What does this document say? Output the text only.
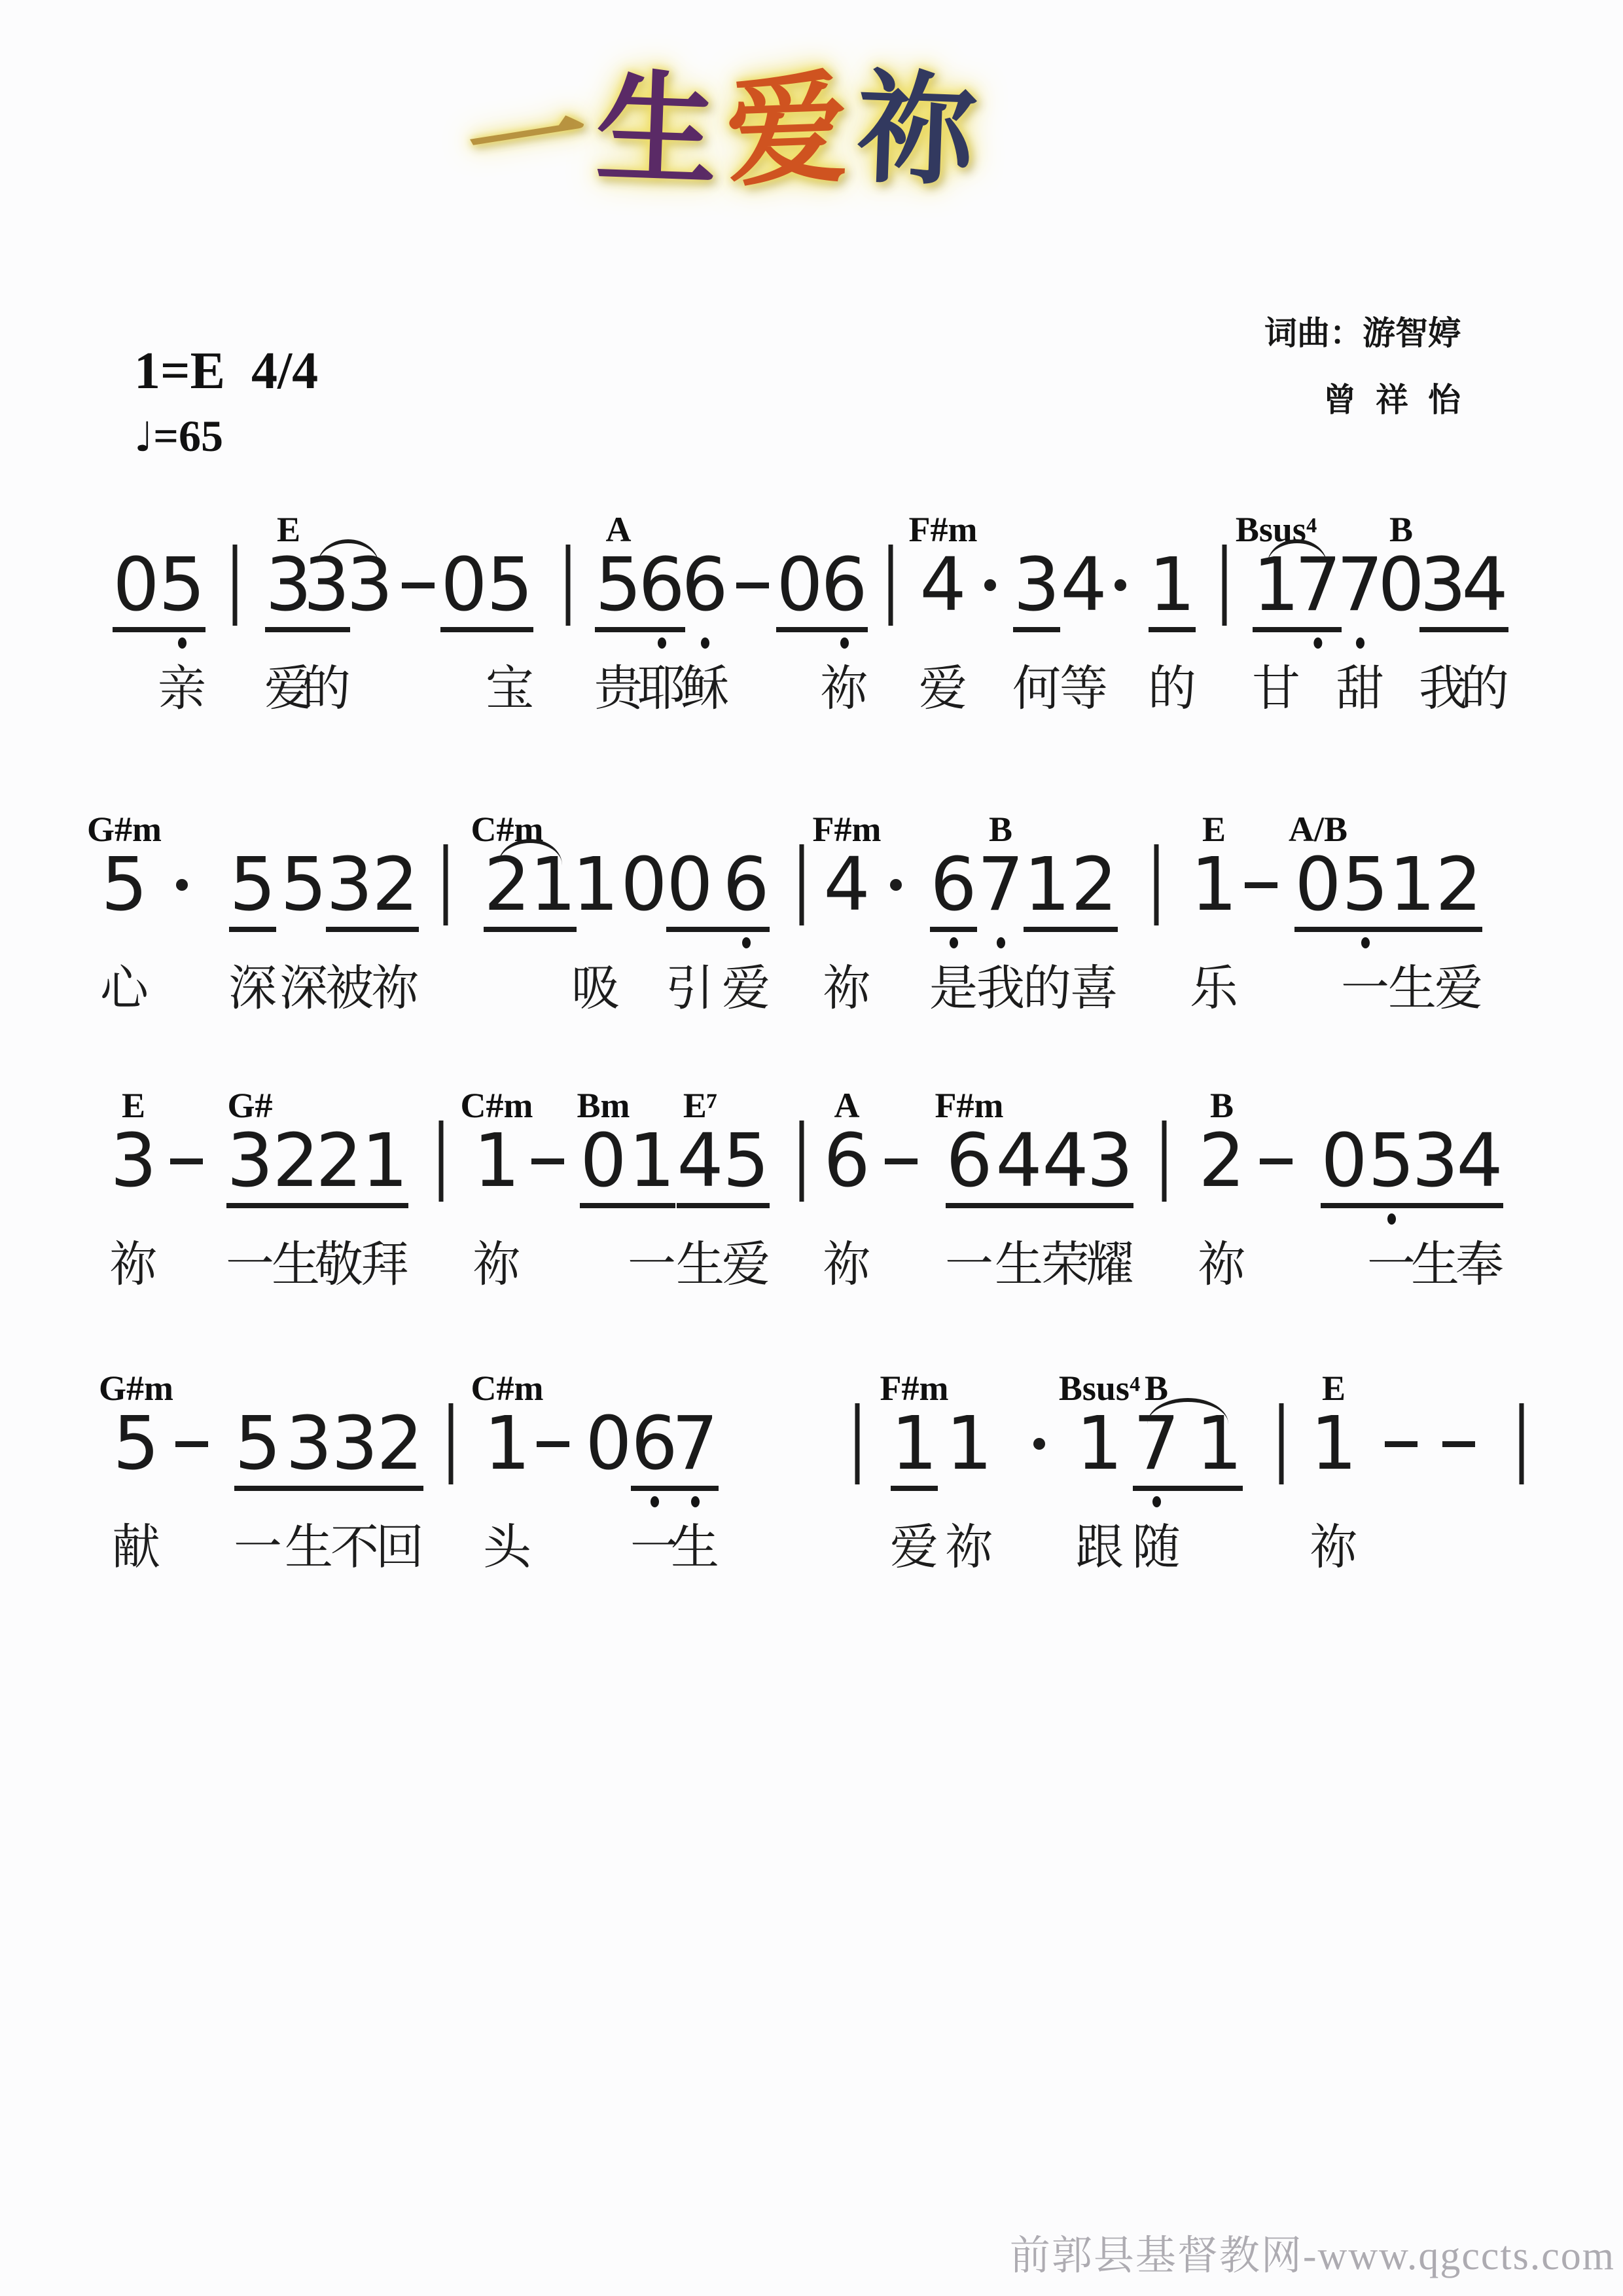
一生爱祢
词曲：游智婷
曾祥怡
1=E  4/4
♩=65
0
5
亲
E
3
爱
3
的
3 0
5
宝
A
5
贵
6
耶
6
稣
0
6
祢
F#m
4
爱
3
何
4
等
1
的
Bsus⁴
1
甘
7
7
甜
B
0
3
我
4
的
G#m
5
心
5
深
5
深
3
被
2
祢
C#m
2
1
1
吸
0
0
引
6
爱
F#m
4
祢
6
是
B
7
我
1
的
2
喜
E
1
乐
A/B
0 5
一
1
生
2
爱
E
3
祢
G#
3
一
2
生
2
敬
1
拜
C#m
1
祢
Bm
0 1
一
E⁷
4
生
5
爱
A
6
祢
F#m
6
一
4
生
4
荣
3
耀
B
2
祢
0 5
一
3
生
4
奉
G#m
5
献
5
一
3
生
3
不
2
回
C#m
1
头
0
6
一
7
生
F#m
1
爱
1
祢
Bsus⁴
1
跟
B
7
随
1
E
1
祢
前郭县基督教网-www.qgccts.com
